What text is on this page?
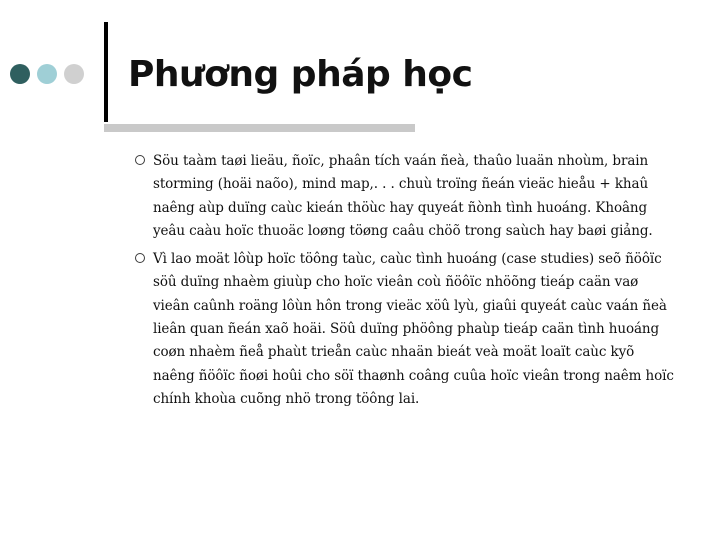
Phương pháp học
Söu taàm taøi lieäu, ñoïc, phaân tích vaán ñeà, thaûo luaän nhoùm, brain storming (hoäi naõo), mind map,. . . chuù troïng ñeán vieäc hieåu + khaû naêng aùp duïng caùc kieán thöùc hay quyeát ñònh tình huoáng. Khoâng yeâu caàu hoïc thuoäc loøng töøng caâu chöõ trong saùch hay baøi giảng.
Vì lao moät lôùp hoïc töông taùc, caùc tình huoáng (case studies) seõ ñöôïc söû duïng nhaèm giuùp cho hoïc vieân coù ñöôïc nhöõng tieáp caän vaø vieân caûnh roäng lôùn hôn trong vieäc xöû lyù, giaûi quyeát caùc vaán ñeà lieân quan ñeán xaõ hoäi. Söû duïng phöông phaùp tieáp caän tình huoáng coøn nhaèm ñeå phaùt trieån caùc nhaän bieát veà moät loaït caùc kyõ naêng ñöôïc ñoøi hoûi cho söï thaønh coâng cuûa hoïc vieân trong naêm hoïc chính khoùa cuõng nhö trong töông lai.
